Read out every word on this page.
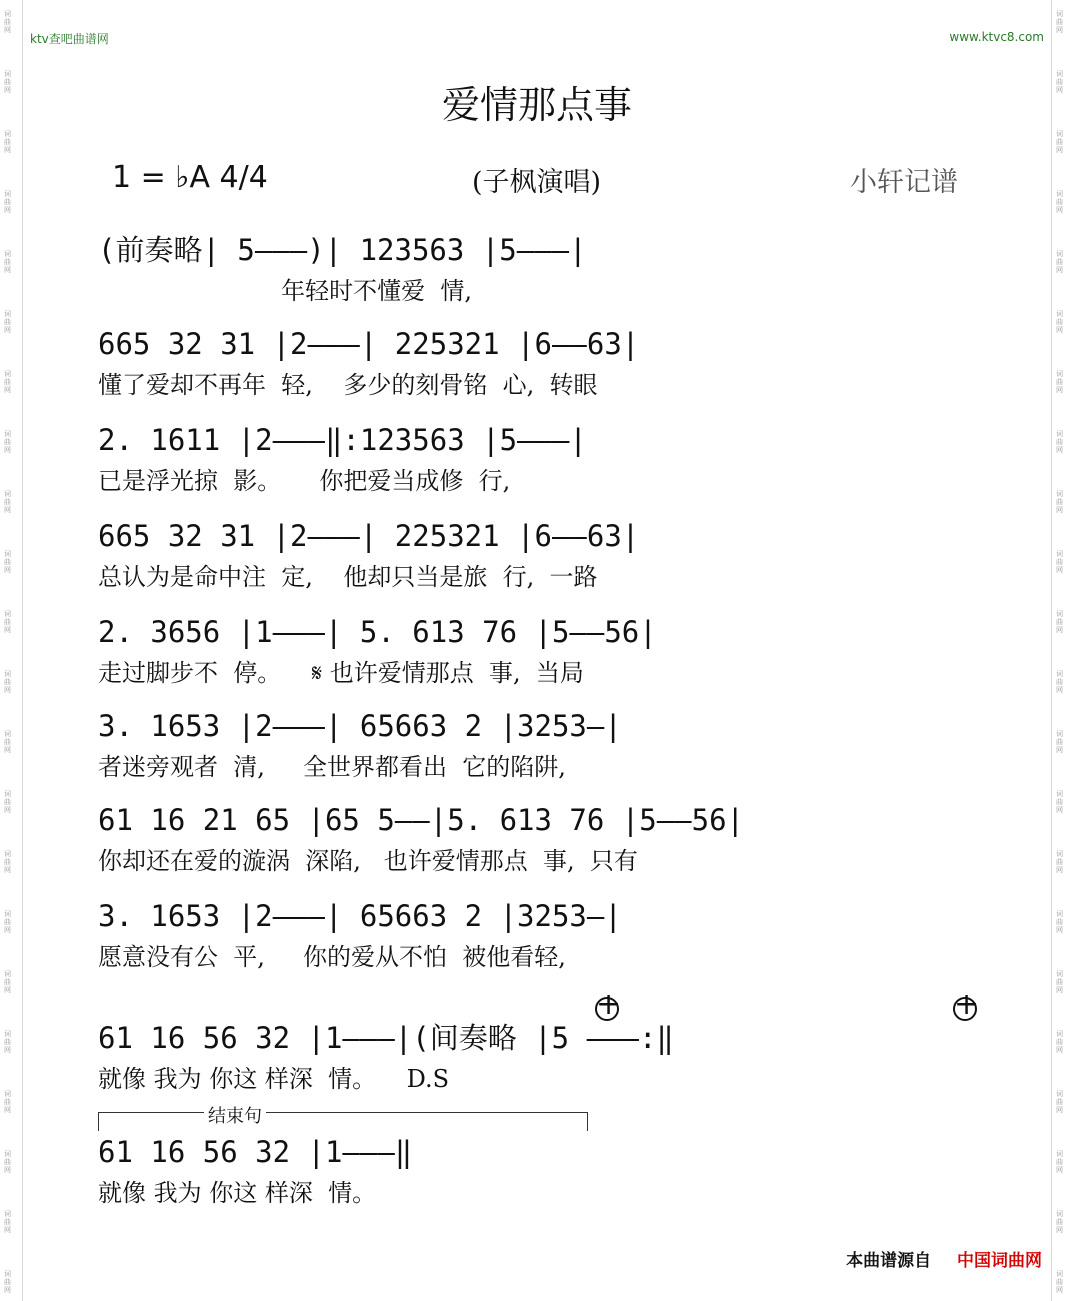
词
曲
网
词
曲
网
词
曲
网
词
曲
网
词
曲
网
词
曲
网
词
曲
网
词
曲
网
词
曲
网
词
曲
网
词
曲
网
词
曲
网
词
曲
网
词
曲
网
词
曲
网
词
曲
网
词
曲
网
词
曲
网
词
曲
网
词
曲
网
词
曲
网
词
曲
网
词
曲
网
词
曲
网
词
曲
网
词
曲
网
词
曲
网
词
曲
网
词
曲
网
词
曲
网
词
曲
网
词
曲
网
词
曲
网
词
曲
网
词
曲
网
词
曲
网
词
曲
网
词
曲
网
词
曲
网
词
曲
网
词
曲
网
词
曲
网
词
曲
网
词
曲
网
ktv查吧曲谱网	www.ktvc8.com
爱情那点事
1 = ♭A 4/4	(子枫演唱)	小轩记谱
(前奏略| 5———)| 123563 |5———|
年轻时不懂爱  情,
665 32 31 |2———| 225321 |6——63|
懂了爱却不再年  轻,    多少的刻骨铭  心,  转眼
2. 1611 |2———‖:123563 |5———|
已是浮光掠  影。     你把爱当成修  行,
665 32 31 |2———| 225321 |6——63|
总认为是命中注  定,    他却只当是旅  行,  一路
2. 3656 |1———| 5. 613 76 |5——56|
走过脚步不  停。    𝄋 也许爱情那点  事,  当局
3. 1653 |2———| 65663 2 |3253—|
者迷旁观者  清,     全世界都看出  它的陷阱,
61 16 21 65 |65 5——|5. 613 76 |5——56|
你却还在爱的漩涡  深陷,   也许爱情那点  事,  只有
3. 1653 |2———| 65663 2 |3253—|
愿意没有公  平,     你的爱从不怕  被他看轻,
+
+
61 16 56 32 |1———|(间奏略 |5 ———:‖
就像 我为 你这 样深  情。    D.S
结束句
61 16 56 32 |1———‖
就像 我为 你这 样深  情。
本曲谱源自 中国词曲网
